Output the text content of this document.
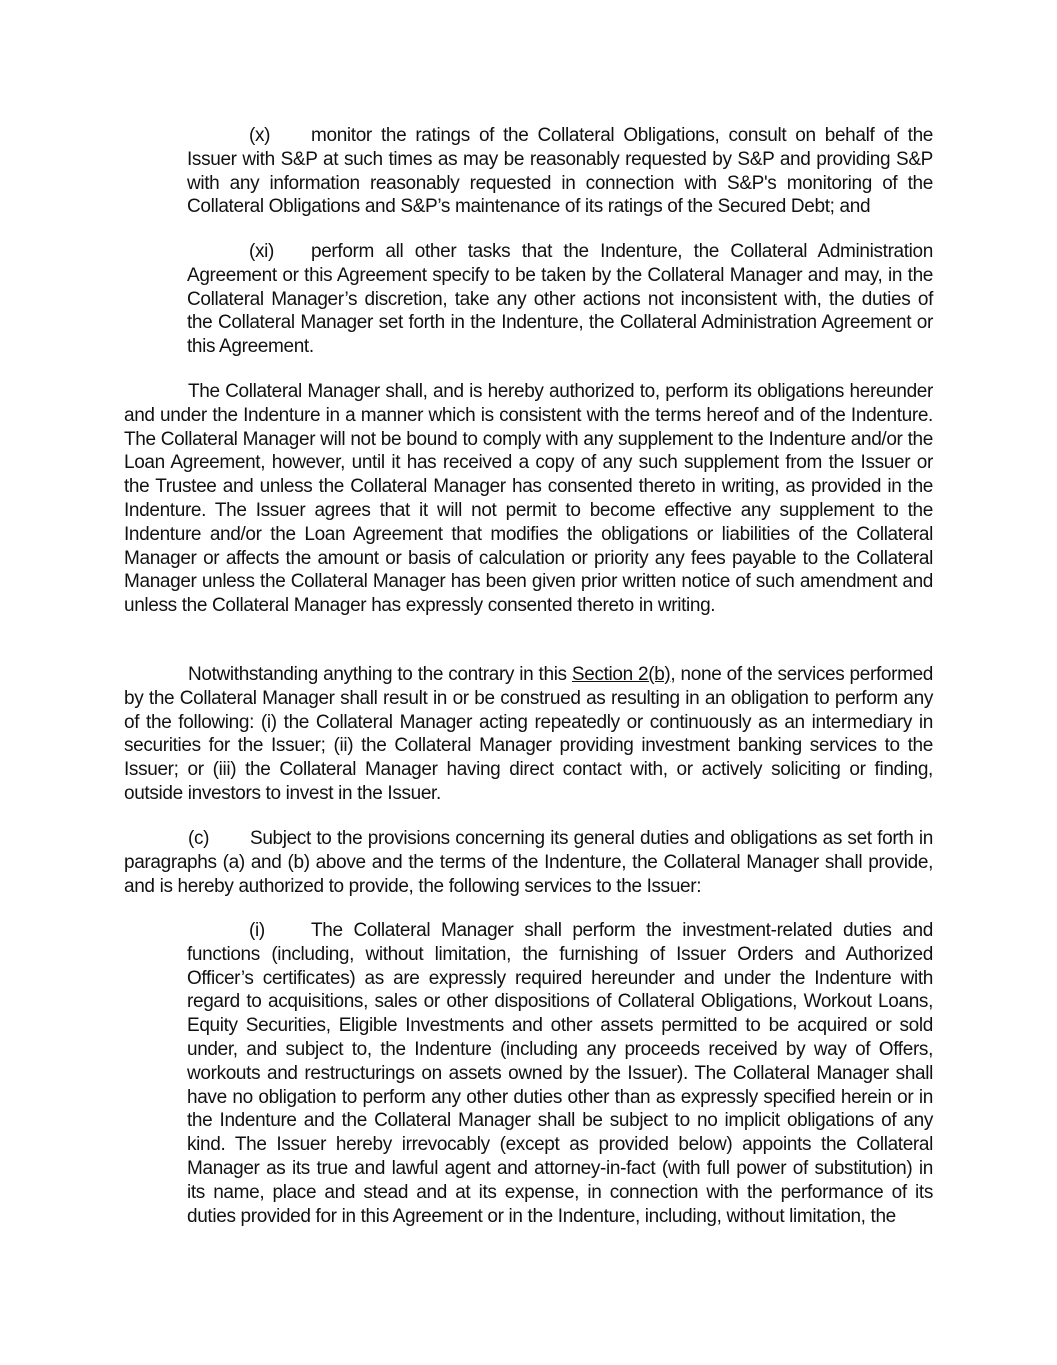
(x) monitor the ratings of the Collateral Obligations, consult on behalf of the Issuer with S&P at such times as may be reasonably requested by S&P and providing S&P with any information reasonably requested in connection with S&P's monitoring of the Collateral Obligations and S&P’s maintenance of its ratings of the Secured Debt; and

(xi) perform all other tasks that the Indenture, the Collateral Administration Agreement or this Agreement specify to be taken by the Collateral Manager and may, in the Collateral Manager’s discretion, take any other actions not inconsistent with, the duties of the Collateral Manager set forth in the Indenture, the Collateral Administration Agreement or this Agreement.

The Collateral Manager shall, and is hereby authorized to, perform its obligations hereunder and under the Indenture in a manner which is consistent with the terms hereof and of the Indenture. The Collateral Manager will not be bound to comply with any supplement to the Indenture and/or the Loan Agreement, however, until it has received a copy of any such supplement from the Issuer or the Trustee and unless the Collateral Manager has consented thereto in writing, as provided in the Indenture. The Issuer agrees that it will not permit to become effective any supplement to the Indenture and/or the Loan Agreement that modifies the obligations or liabilities of the Collateral Manager or affects the amount or basis of calculation or priority any fees payable to the Collateral Manager unless the Collateral Manager has been given prior written notice of such amendment and unless the Collateral Manager has expressly consented thereto in writing.

Notwithstanding anything to the contrary in this Section 2(b), none of the services performed by the Collateral Manager shall result in or be construed as resulting in an obligation to perform any of the following: (i) the Collateral Manager acting repeatedly or continuously as an intermediary in securities for the Issuer; (ii) the Collateral Manager providing investment banking services to the Issuer; or (iii) the Collateral Manager having direct contact with, or actively soliciting or finding, outside investors to invest in the Issuer.

(c) Subject to the provisions concerning its general duties and obligations as set forth in paragraphs (a) and (b) above and the terms of the Indenture, the Collateral Manager shall provide, and is hereby authorized to provide, the following services to the Issuer:

(i) The Collateral Manager shall perform the investment-related duties and functions (including, without limitation, the furnishing of Issuer Orders and Authorized Officer’s certificates) as are expressly required hereunder and under the Indenture with regard to acquisitions, sales or other dispositions of Collateral Obligations, Workout Loans, Equity Securities, Eligible Investments and other assets permitted to be acquired or sold under, and subject to, the Indenture (including any proceeds received by way of Offers, workouts and restructurings on assets owned by the Issuer). The Collateral Manager shall have no obligation to perform any other duties other than as expressly specified herein or in the Indenture and the Collateral Manager shall be subject to no implicit obligations of any kind. The Issuer hereby irrevocably (except as provided below) appoints the Collateral Manager as its true and lawful agent and attorney-in-fact (with full power of substitution) in its name, place and stead and at its expense, in connection with the performance of its duties provided for in this Agreement or in the Indenture, including, without limitation, the
